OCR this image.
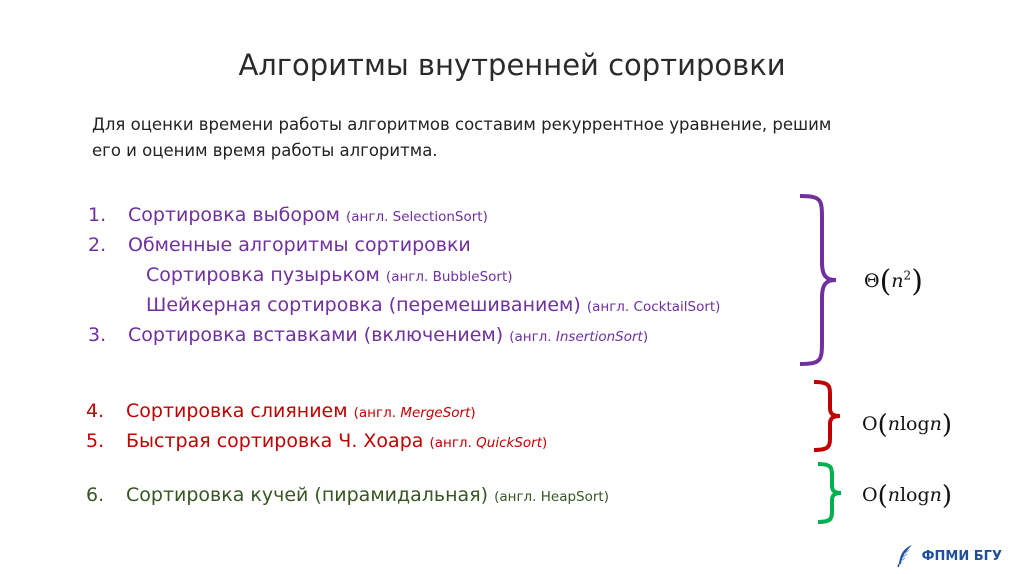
Алгоритмы внутренней сортировки
Для оценки времени работы алгоритмов составим рекуррентное уравнение, решим
его и оценим время работы алгоритма.
1. Сортировка выбором (англ. SelectionSort)
2. Обменные алгоритмы сортировки
Сортировка пузырьком (англ. BubbleSort)
Шейкерная сортировка (перемешиванием) (англ. CocktailSort)
3. Сортировка вставками (включением) (англ. InsertionSort)
$\Theta(n^2)$
4. Сортировка слиянием (англ. MergeSort)
5. Быстрая сортировка Ч. Хоара (англ. QuickSort)
O(nlogn)
6. Сортировка кучей (пирамидальная) (англ. HeapSort)	O(nlogn)
ФПМИ БГУ
